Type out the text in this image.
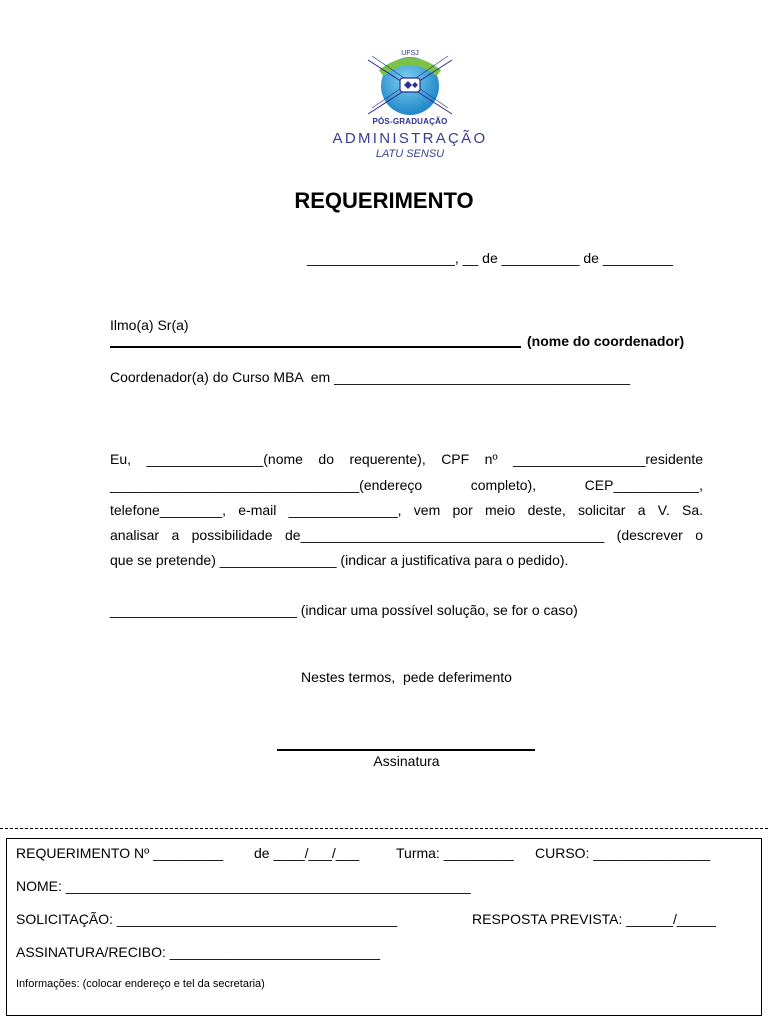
UFSJ
PÓS-GRADUAÇÃO
ADMINISTRAÇÃO
LATU SENSU
REQUERIMENTO
___________________, __ de __________ de _________
Ilmo(a) Sr(a)
(nome do coordenador)
Coordenador(a) do Curso MBA  em ______________________________________
Eu, _______________(nome do requerente), CPF nº _________________residente
________________________________(endereço completo), CEP___________,
telefone________, e-mail ______________, vem por meio deste, solicitar a V. Sa.
analisar a possibilidade de_______________________________________ (descrever o
que se pretende) _______________ (indicar a justificativa para o pedido).
________________________ (indicar uma possível solução, se for o caso)
Nestes termos,  pede deferimento
Assinatura
REQUERIMENTO Nº _________ de ____/___/___	Turma: _________ CURSO: _______________
NOME: ____________________________________________________
SOLICITAÇÃO: ____________________________________	RESPOSTA PREVISTA: ______/_____
ASSINATURA/RECIBO: ___________________________
Informações: (colocar endereço e tel da secretaria)
